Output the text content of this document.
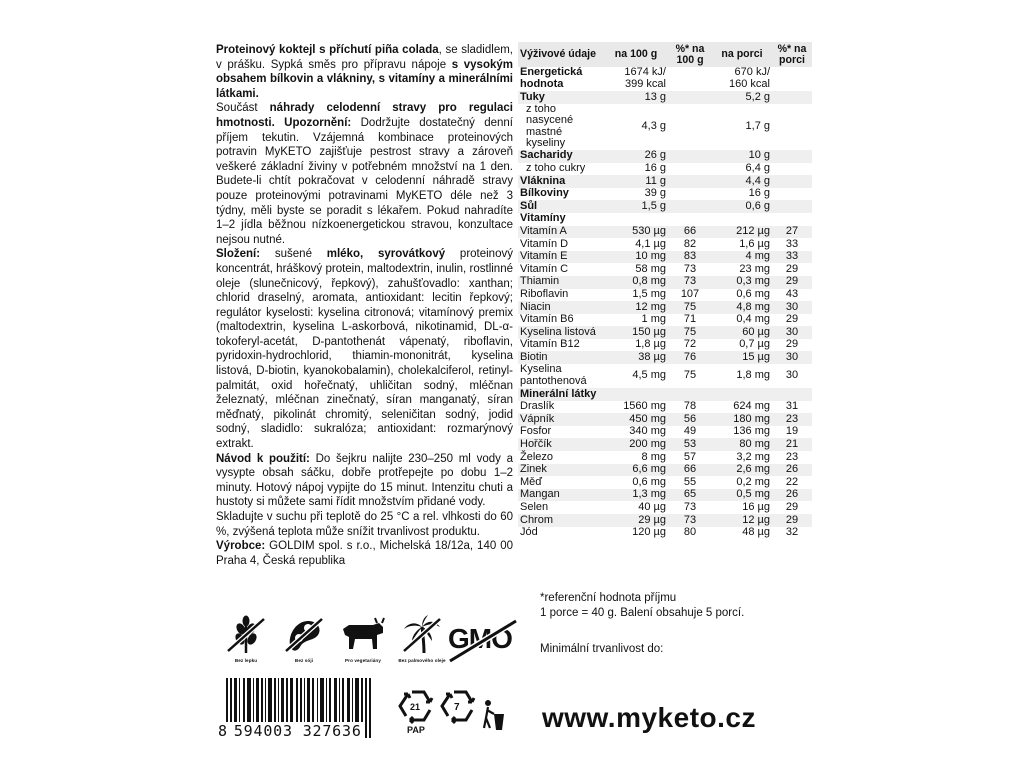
Proteinový koktejl s příchutí piña colada, se sladidlem, v prášku. Sypká směs pro přípravu nápoje s vysokým obsahem bílkovin a vlákniny, s vitamíny a minerálními látkami.

Součást náhrady celodenní stravy pro regulaci hmotnosti. Upozornění: Dodržujte dostatečný denní příjem tekutin. Vzájemná kombinace proteinových potravin MyKETO zajišťuje pestrost stravy a zároveň veškeré základní živiny v potřebném množství na 1 den. Budete-li chtít pokračovat v celodenní náhradě stravy pouze proteinovými potravinami MyKETO déle než 3 týdny, měli byste se poradit s lékařem. Pokud nahradíte 1–2 jídla běžnou nízkoenergetickou stravou, konzultace nejsou nutné.

Složení: sušené mléko, syrovátkový proteinový koncentrát, hráškový protein, maltodextrin, inulin, rostlinné oleje (slunečnicový, řepkový), zahušťovadlo: xanthan; chlorid draselný, aromata, antioxidant: lecitin řepkový; regulátor kyselosti: kyselina citronová; vitamínový premix (maltodextrin, kyselina L-askorbová, nikotinamid, DL-α-tokoferyl-acetát, D-pantothenát vápenatý, riboflavin, pyridoxin-hydrochlorid, thiamin-mononitrát, kyselina listová, D-biotin, kyanokobalamin), cholekalciferol, retinyl-palmitát, oxid hořečnatý, uhličitan sodný, mléčnan železnatý, mléčnan zinečnatý, síran manganatý, síran měďnatý, pikolinát chromitý, seleničitan sodný, jodid sodný, sladidlo: sukralóza; antioxidant: rozmarýnový extrakt.

Návod k použití: Do šejkru nalijte 230–250 ml vody a vysypte obsah sáčku, dobře protřepejte po dobu 1–2 minuty. Hotový nápoj vypijte do 15 minut. Intenzitu chuti a hustoty si můžete sami řídit množstvím přidané vody.

Skladujte v suchu při teplotě do 25 °C a rel. vlhkosti do 60 %, zvýšená teplota může snížit trvanlivost produktu.

Výrobce: GOLDIM spol. s r.o., Michelská 18/12a, 140 00 Praha 4, Česká republika

Bez lepku	Bez sóji	Pro vegetariány	Bez palmového oleje
GMO
8 594003 327636
21
PAP
7	www.myketo.cz
Výživové údaje	na 100 g	%* na 100 g	na porci	%* na porci
Energetická hodnota	1674 kJ/ 399 kcal		670 kJ/ 160 kcal	
Tuky	13 g		5,2 g	
z toho nasycené mastné kyseliny	4,3 g		1,7 g	
Sacharidy	26 g		10 g	
z toho cukry	16 g		6,4 g	
Vláknina	11 g		4,4 g	
Bílkoviny	39 g		16 g	
Sůl	1,5 g		0,6 g	
Vitamíny				
Vitamín A	530 µg	66	212 µg	27
Vitamín D	4,1 µg	82	1,6 µg	33
Vitamín E	10 mg	83	4 mg	33
Vitamín C	58 mg	73	23 mg	29
Thiamin	0,8 mg	73	0,3 mg	29
Riboflavin	1,5 mg	107	0,6 mg	43
Niacin	12 mg	75	4,8 mg	30
Vitamín B6	1 mg	71	0,4 mg	29
Kyselina listová	150 µg	75	60 µg	30
Vitamín B12	1,8 µg	72	0,7 µg	29
Biotin	38 µg	76	15 µg	30
Kyselina pantothenová	4,5 mg	75	1,8 mg	30
Minerální látky				
Draslík	1560 mg	78	624 mg	31
Vápník	450 mg	56	180 mg	23
Fosfor	340 mg	49	136 mg	19
Hořčík	200 mg	53	80 mg	21
Železo	8 mg	57	3,2 mg	23
Zinek	6,6 mg	66	2,6 mg	26
Měď	0,6 mg	55	0,2 mg	22
Mangan	1,3 mg	65	0,5 mg	26
Selen	40 µg	73	16 µg	29
Chrom	29 µg	73	12 µg	29
Jód	120 µg	80	48 µg	32
*referenční hodnota příjmu
1 porce = 40 g. Balení obsahuje 5 porcí.
Minimální trvanlivost do:
